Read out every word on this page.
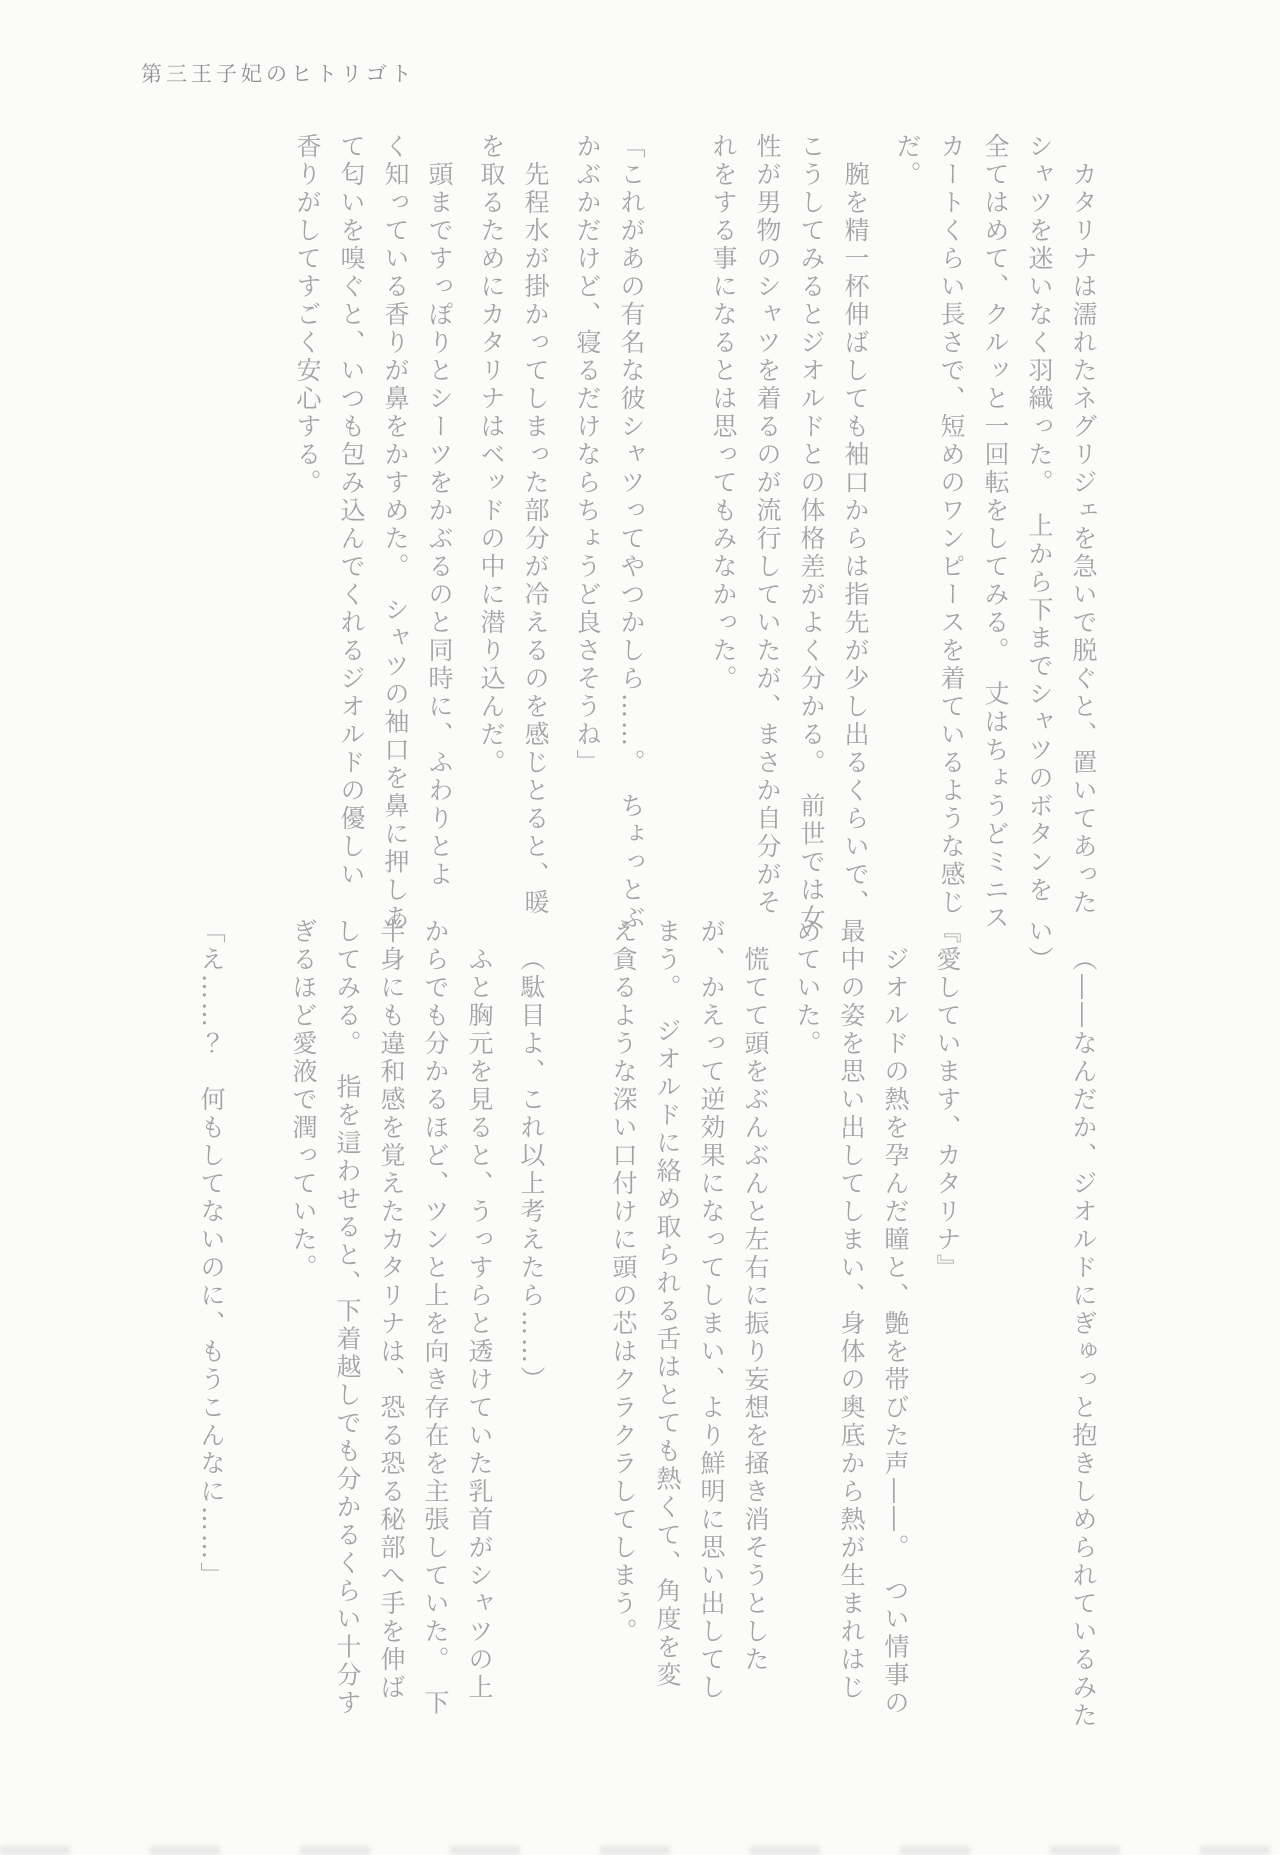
第三王子妃のヒトリゴト

カタリナは濡れたネグリジェを急いで脱ぐと、置いてあった

シャツを迷いなく羽織った。　上から下までシャツのボタンを

全てはめて、クルッと一回転をしてみる。　丈はちょうどミニス

カートくらい長さで、短めのワンピースを着ているような感じ

だ。

腕を精一杯伸ばしても袖口からは指先が少し出るくらいで、

こうしてみるとジオルドとの体格差がよく分かる。　前世では女

性が男物のシャツを着るのが流行していたが、まさか自分がそ

れをする事になるとは思ってもみなかった。

「これがあの有名な彼シャツってやつかしら……。　ちょっとぶ

かぶかだけど、寝るだけならちょうど良さそうね」

先程水が掛かってしまった部分が冷えるのを感じとると、暖

を取るためにカタリナはベッドの中に潜り込んだ。

頭まですっぽりとシーツをかぶるのと同時に、ふわりとよ

く知っている香りが鼻をかすめた。　シャツの袖口を鼻に押しあ

て匂いを嗅ぐと、いつも包み込んでくれるジオルドの優しい

香りがしてすごく安心する。

（――なんだか、ジオルドにぎゅっと抱きしめられているみた

い）

『愛しています、カタリナ』

ジオルドの熱を孕んだ瞳と、艶を帯びた声――。　つい情事の

最中の姿を思い出してしまい、身体の奥底から熱が生まれはじ

めていた。

慌てて頭をぶんぶんと左右に振り妄想を掻き消そうとした

が、かえって逆効果になってしまい、より鮮明に思い出してし

まう。　ジオルドに絡め取られる舌はとても熱くて、角度を変

え貪るような深い口付けに頭の芯はクラクラしてしまう。

（駄目よ、これ以上考えたら……）

ふと胸元を見ると、うっすらと透けていた乳首がシャツの上

からでも分かるほど、ツンと上を向き存在を主張していた。　下

半身にも違和感を覚えたカタリナは、恐る恐る秘部へ手を伸ば

してみる。　指を這わせると、下着越しでも分かるくらい十分す

ぎるほど愛液で潤っていた。

「え……？　何もしてないのに、もうこんなに……」
